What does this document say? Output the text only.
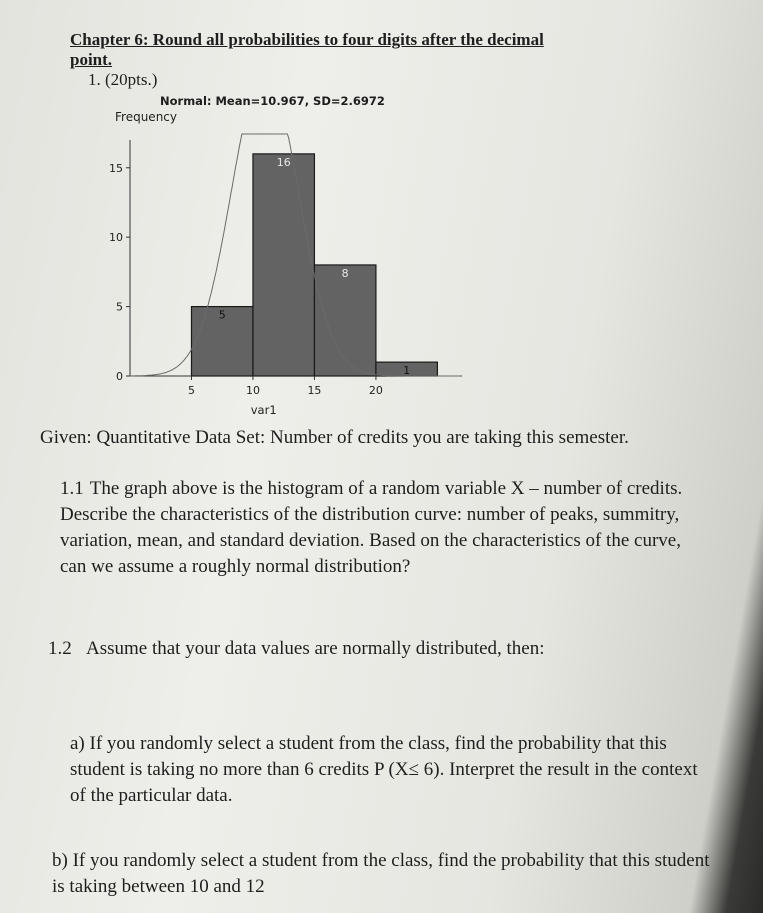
Chapter 6: Round all probabilities to four digits after the decimal point.
1. (20pts.)
Normal: Mean=10.967, SD=2.6972
Frequency
5
16
8
1
0
5
10
15
5	10	15	20
var1
Given: Quantitative Data Set: Number of credits you are taking this semester.
1.1 The graph above is the histogram of a random variable X – number of credits. Describe the characteristics of the distribution curve: number of peaks, summitry, variation, mean, and standard deviation. Based on the characteristics of the curve, can we assume a roughly normal distribution?
1.2 Assume that your data values are normally distributed, then:
a) If you randomly select a student from the class, find the probability that this student is taking no more than 6 credits P (X≤ 6). Interpret the result in the context of the particular data.
b) If you randomly select a student from the class, find the probability that this student is taking between 10 and 12
